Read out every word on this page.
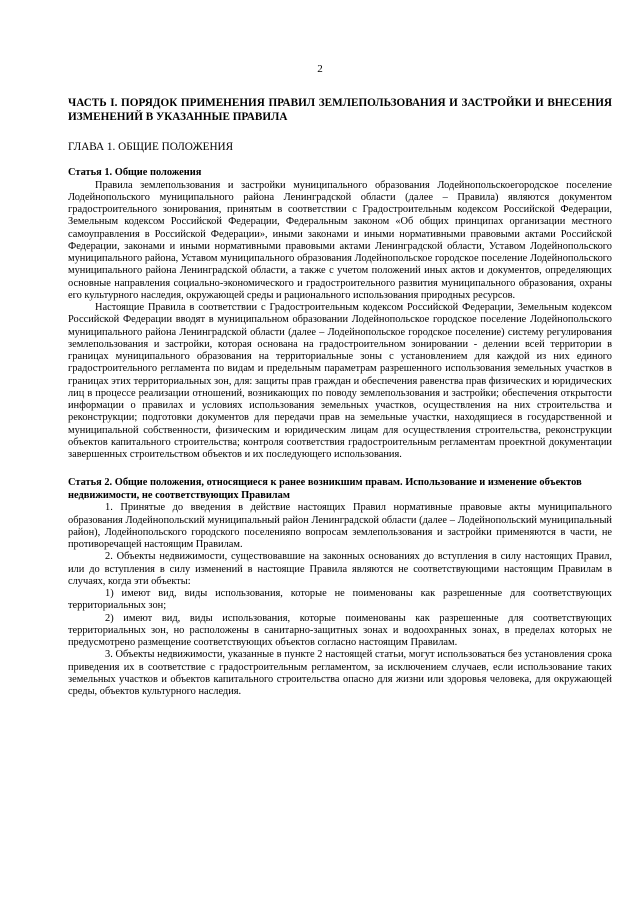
2

ЧАСТЬ I. ПОРЯДОК ПРИМЕНЕНИЯ ПРАВИЛ ЗЕМЛЕПОЛЬЗОВАНИЯ И ЗАСТРОЙКИ И ВНЕСЕНИЯ ИЗМЕНЕНИЙ В УКАЗАННЫЕ ПРАВИЛА

ГЛАВА 1. ОБЩИЕ ПОЛОЖЕНИЯ

Статья 1. Общие положения

Правила землепользования и застройки муниципального образования Лодейнопольскоегородское поселение Лодейнопольского муниципального района Ленинградской области (далее – Правила) являются документом градостроительного зонирования, принятым в соответствии с Градостроительным кодексом Российской Федерации, Земельным кодексом Российской Федерации, Федеральным законом «Об общих принципах организации местного самоуправления в Российской Федерации», иными законами и иными нормативными правовыми актами Российской Федерации, законами и иными нормативными правовыми актами Ленинградской области, Уставом Лодейнопольского муниципального района, Уставом муниципального образования Лодейнопольское городское поселение Лодейнопольского муниципального района Ленинградской области, а также с учетом положений иных актов и документов, определяющих основные направления социально-экономического и градостроительного развития муниципального образования, охраны его культурного наследия, окружающей среды и рационального использования природных ресурсов.

Настоящие Правила в соответствии с Градостроительным кодексом Российской Федерации, Земельным кодексом Российской Федерации вводят в муниципальном образовании Лодейнопольское городское поселение Лодейнопольского муниципального района Ленинградской области (далее – Лодейнопольское городское поселение) систему регулирования землепользования и застройки, которая основана на градостроительном зонировании - делении всей территории в границах муниципального образования на территориальные зоны с установлением для каждой из них единого градостроительного регламента по видам и предельным параметрам разрешенного использования земельных участков в границах этих территориальных зон, для: защиты прав граждан и обеспечения равенства прав физических и юридических лиц в процессе реализации отношений, возникающих по поводу землепользования и застройки; обеспечения открытости информации о правилах и условиях использования земельных участков, осуществления на них строительства и реконструкции; подготовки документов для передачи прав на земельные участки, находящиеся в государственной и муниципальной собственности, физическим и юридическим лицам для осуществления строительства, реконструкции объектов капитального строительства; контроля соответствия градостроительным регламентам проектной документации завершенных строительством объектов и их последующего использования.

Статья 2. Общие положения, относящиеся к ранее возникшим правам. Использование и изменение объектов недвижимости, не соответствующих Правилам

1. Принятые до введения в действие настоящих Правил нормативные правовые акты муниципального образования Лодейнопольский муниципальный район Ленинградской области (далее – Лодейнопольский муниципальный район), Лодейнопольского городского поселенияпо вопросам землепользования и застройки применяются в части, не противоречащей настоящим Правилам.

2. Объекты недвижимости, существовавшие на законных основаниях до вступления в силу настоящих Правил, или до вступления в силу изменений в настоящие Правила являются не соответствующими настоящим Правилам в случаях, когда эти объекты:

1) имеют вид, виды использования, которые не поименованы как разрешенные для соответствующих территориальных зон;

2) имеют вид, виды использования, которые поименованы как разрешенные для соответствующих территориальных зон, но расположены в санитарно-защитных зонах и водоохранных зонах, в пределах которых не предусмотрено размещение соответствующих объектов согласно настоящим Правилам.

3. Объекты недвижимости, указанные в пункте 2 настоящей статьи, могут использоваться без установления срока приведения их в соответствие с градостроительным регламентом, за исключением случаев, если использование таких земельных участков и объектов капитального строительства опасно для жизни или здоровья человека, для окружающей среды, объектов культурного наследия.
